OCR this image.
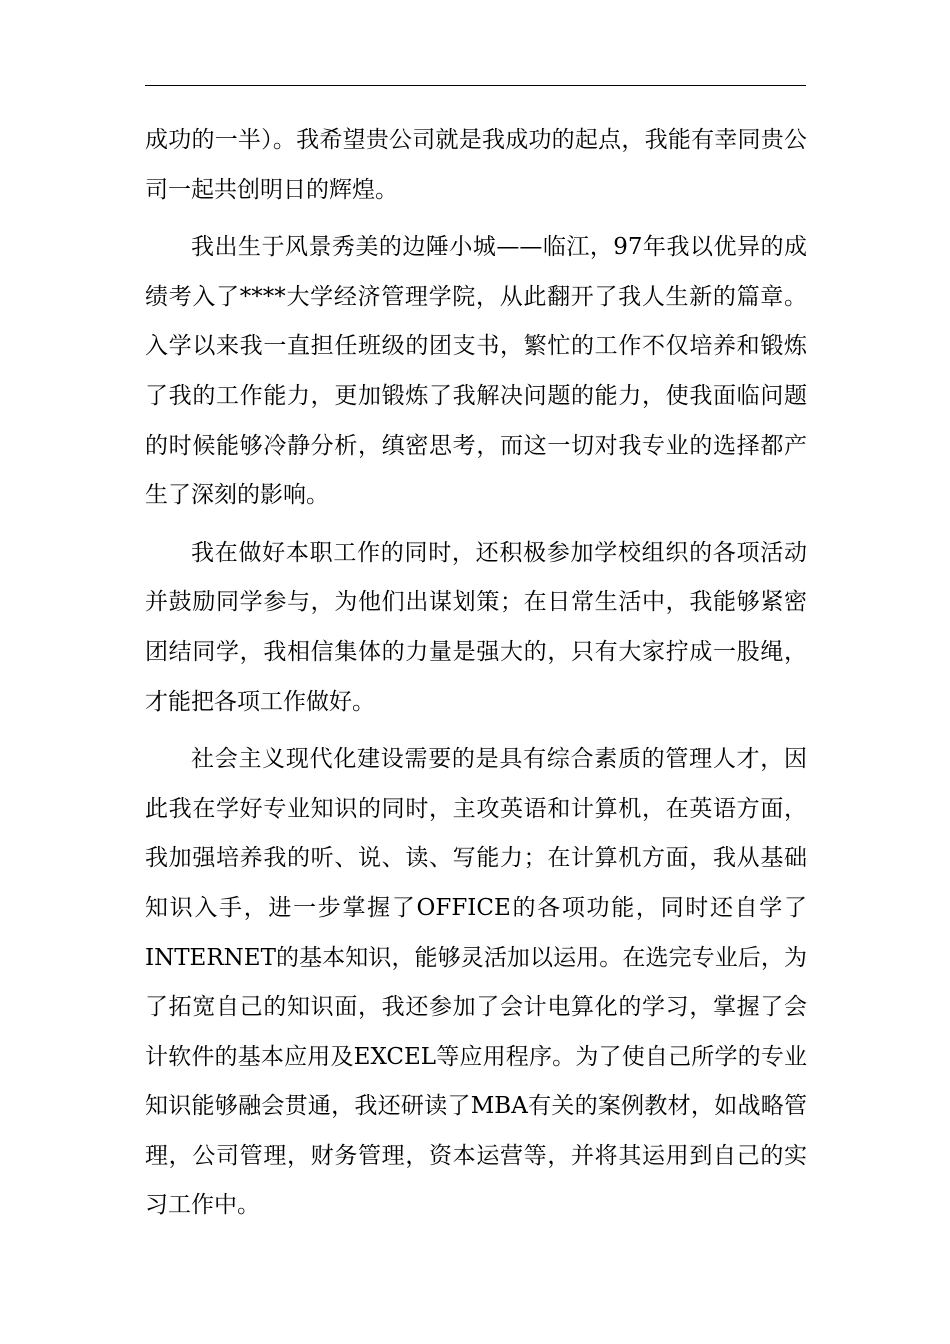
成功的一半）。我希望贵公司就是我成功的起点，我能有幸同贵公司一起共创明日的辉煌。

我出生于风景秀美的边陲小城——临江，97年我以优异的成绩考入了****大学经济管理学院，从此翻开了我人生新的篇章。入学以来我一直担任班级的团支书，繁忙的工作不仅培养和锻炼了我的工作能力，更加锻炼了我解决问题的能力，使我面临问题的时候能够冷静分析，缜密思考，而这一切对我专业的选择都产生了深刻的影响。

我在做好本职工作的同时，还积极参加学校组织的各项活动并鼓励同学参与，为他们出谋划策；在日常生活中，我能够紧密团结同学，我相信集体的力量是强大的，只有大家拧成一股绳，才能把各项工作做好。

社会主义现代化建设需要的是具有综合素质的管理人才，因此我在学好专业知识的同时，主攻英语和计算机，在英语方面，我加强培养我的听、说、读、写能力；在计算机方面，我从基础知识入手，进一步掌握了OFFICE的各项功能，同时还自学了INTERNET的基本知识，能够灵活加以运用。在选完专业后，为了拓宽自己的知识面，我还参加了会计电算化的学习，掌握了会计软件的基本应用及EXCEL等应用程序。为了使自己所学的专业知识能够融会贯通，我还研读了MBA有关的案例教材，如战略管理，公司管理，财务管理，资本运营等，并将其运用到自己的实习工作中。
